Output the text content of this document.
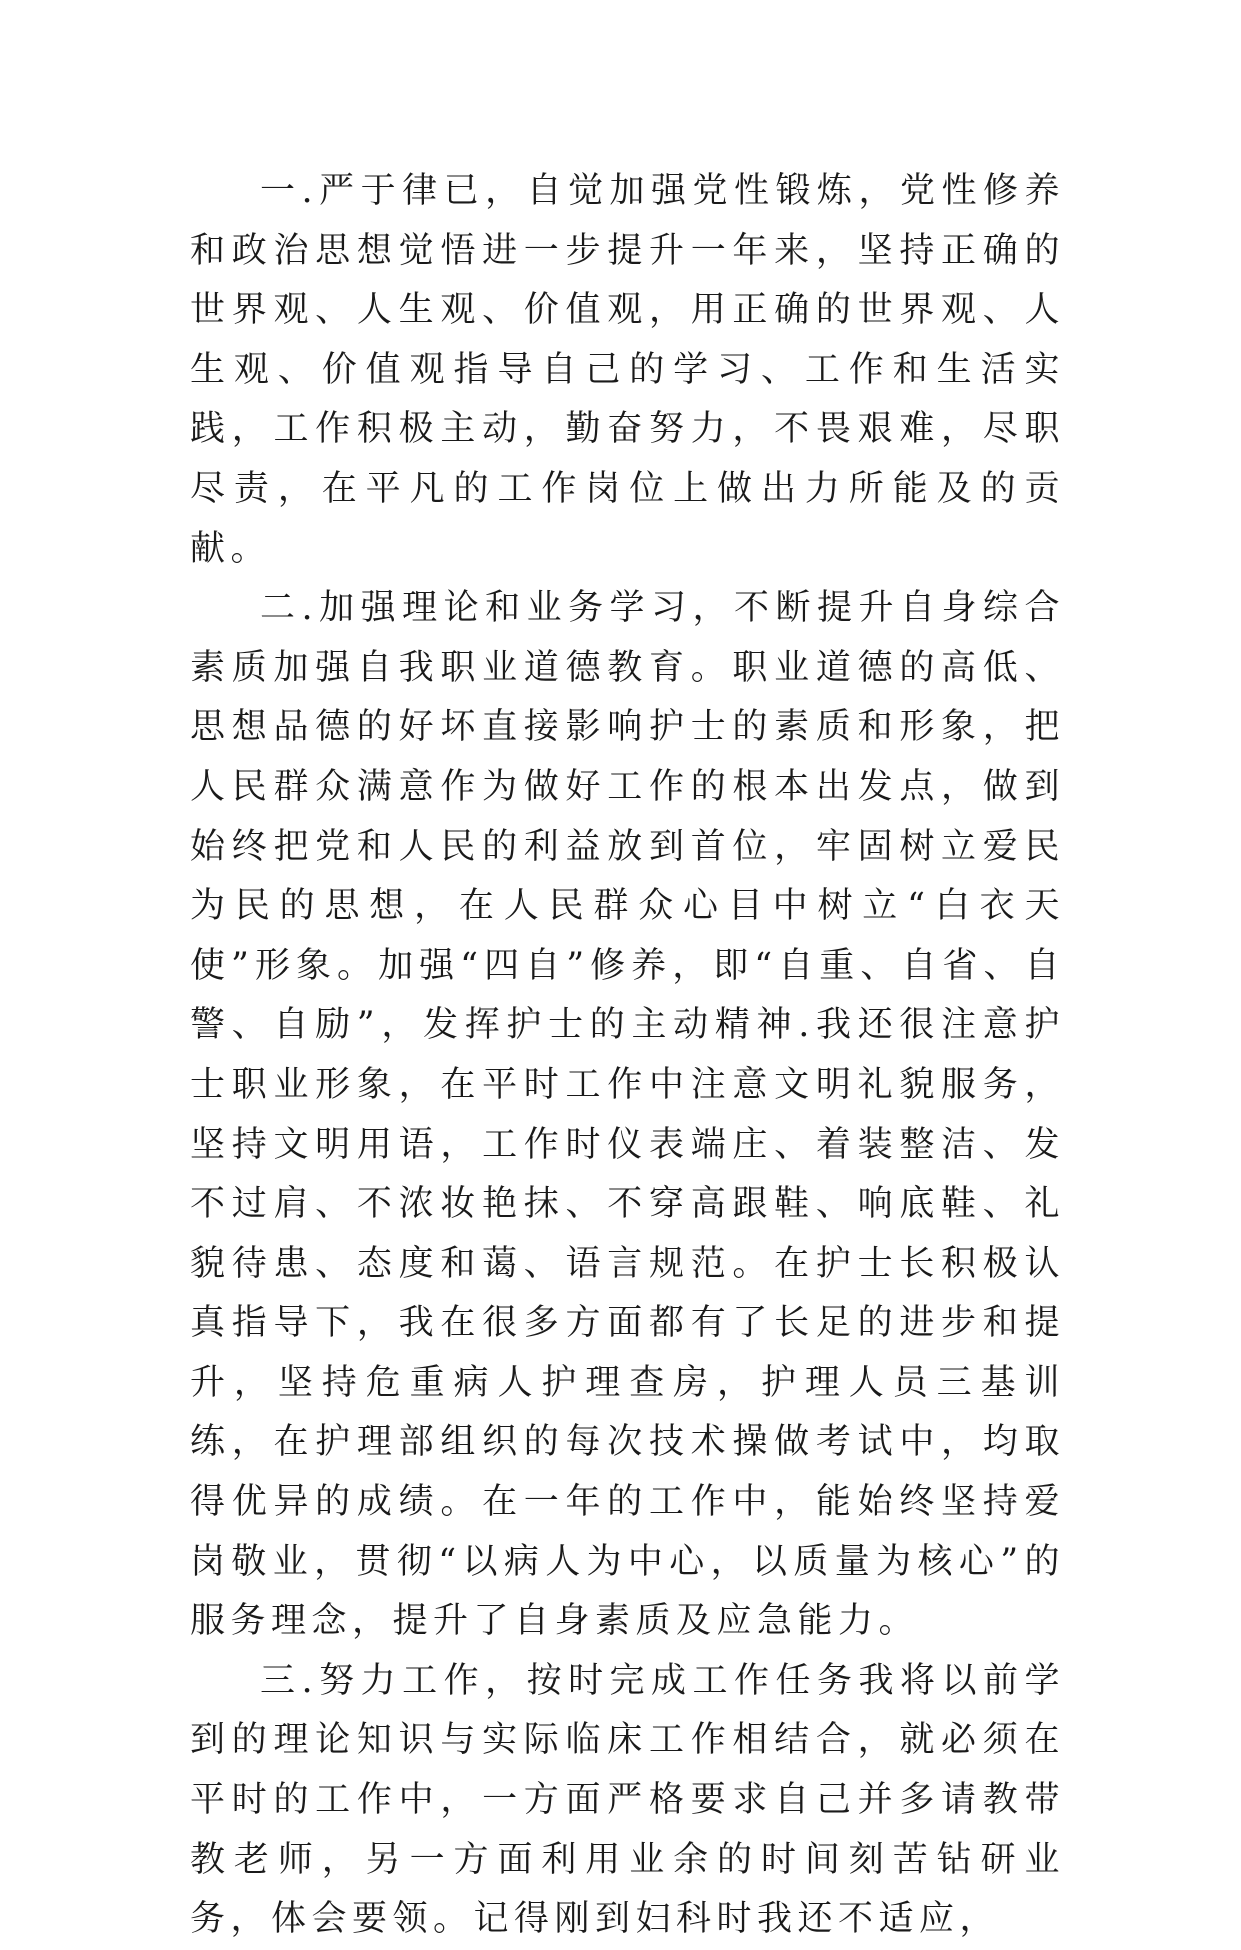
一.严于律已，自觉加强党性锻炼，党性修养和政治思想觉悟进一步提升一年来，坚持正确的世界观、人生观、价值观，用正确的世界观、人生观、价值观指导自己的学习、工作和生活实践，工作积极主动，勤奋努力，不畏艰难，尽职尽责，在平凡的工作岗位上做出力所能及的贡献。

二.加强理论和业务学习，不断提升自身综合素质加强自我职业道德教育。职业道德的高低、思想品德的好坏直接影响护士的素质和形象，把人民群众满意作为做好工作的根本出发点，做到始终把党和人民的利益放到首位，牢固树立爱民为民的思想，在人民群众心目中树立“白衣天使”形象。加强“四自”修养，即“自重、自省、自警、自励”，发挥护士的主动精神.我还很注意护士职业形象，在平时工作中注意文明礼貌服务，坚持文明用语，工作时仪表端庄、着装整洁、发不过肩、不浓妆艳抹、不穿高跟鞋、响底鞋、礼貌待患、态度和蔼、语言规范。在护士长积极认真指导下，我在很多方面都有了长足的进步和提升，坚持危重病人护理查房，护理人员三基训练，在护理部组织的每次技术操做考试中，均取得优异的成绩。在一年的工作中，能始终坚持爱岗敬业，贯彻“以病人为中心，以质量为核心”的服务理念，提升了自身素质及应急能力。

三.努力工作，按时完成工作任务我将以前学到的理论知识与实际临床工作相结合，就必须在平时的工作中，一方面严格要求自己并多请教带教老师，另一方面利用业余的时间刻苦钻研业务，体会要领。记得刚到妇科时我还不适应，
